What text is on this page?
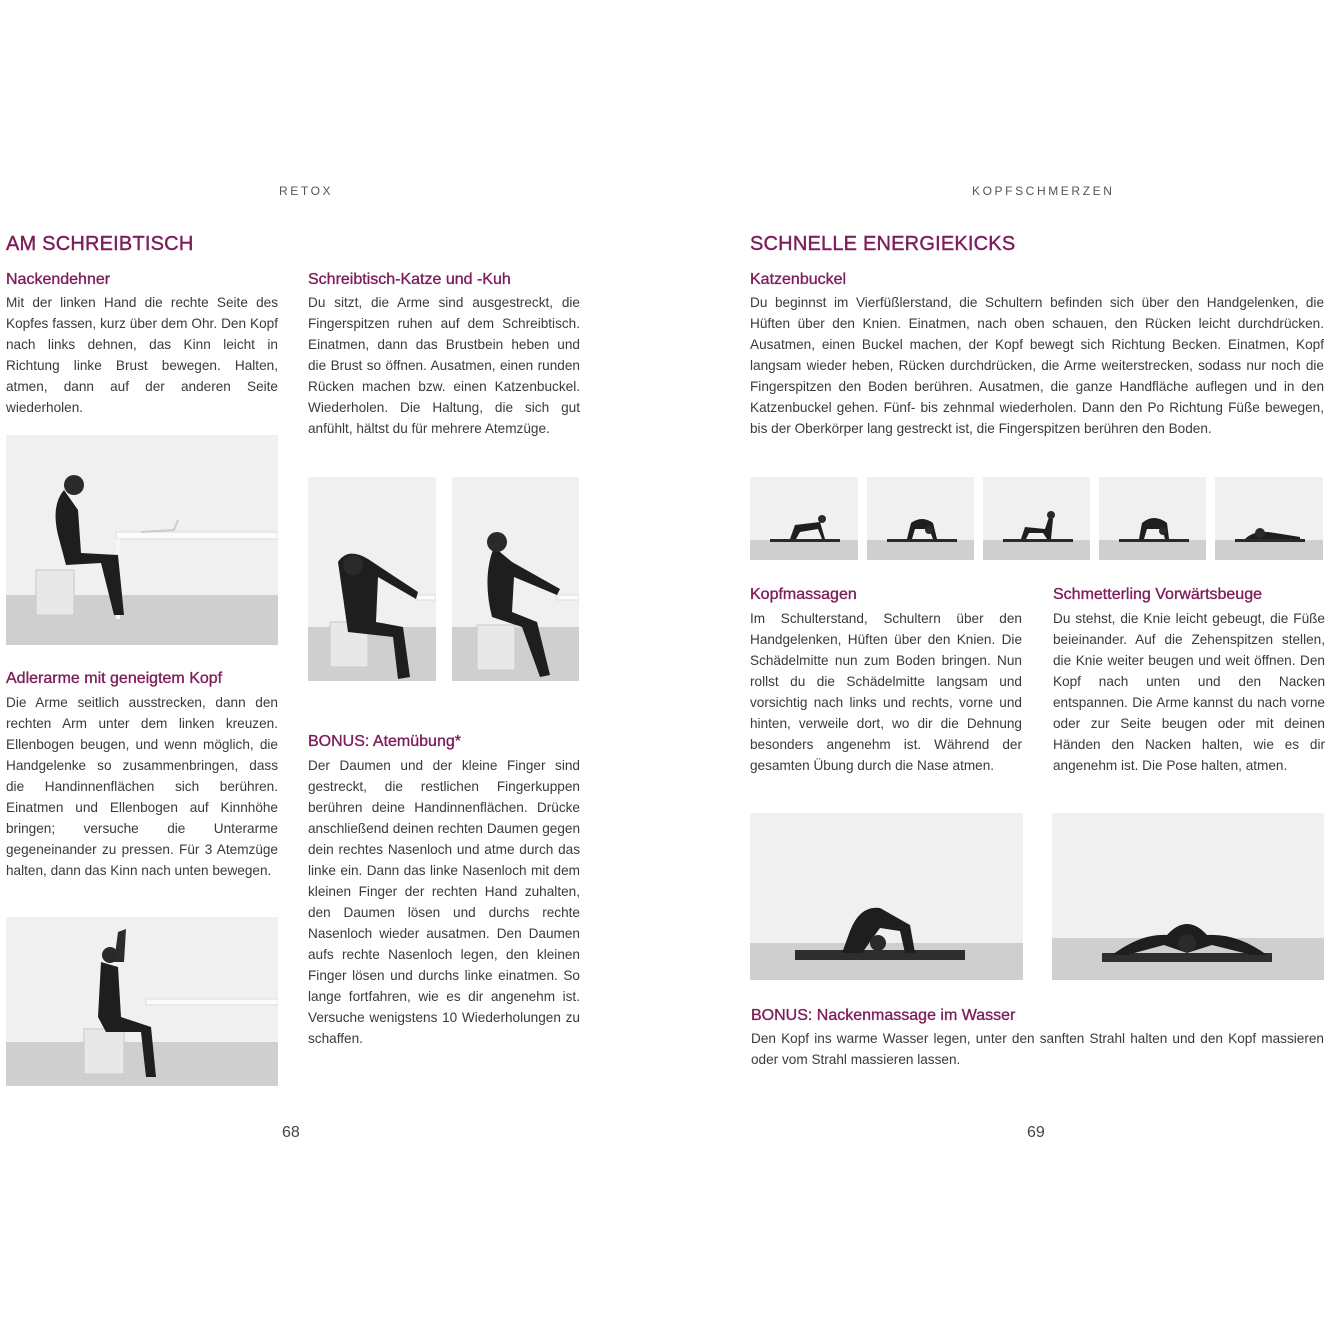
RETOX
AM SCHREIBTISCH
Nackendehner
Mit der linken Hand die rechte Seite des Kopfes fassen, kurz über dem Ohr. Den Kopf nach links dehnen, das Kinn leicht in Richtung linke Brust bewegen. Halten, atmen, dann auf der anderen Seite wiederholen.
Adlerarme mit geneigtem Kopf
Die Arme seitlich ausstrecken, dann den rechten Arm unter dem linken kreuzen. Ellenbogen beugen, und wenn möglich, die Handgelenke so zusammenbringen, dass die Handinnenflächen sich berühren. Einatmen und Ellenbogen auf Kinnhöhe bringen; versuche die Unterarme gegeneinander zu pressen. Für 3 Atemzüge halten, dann das Kinn nach unten bewegen.
Schreibtisch-Katze und -Kuh
Du sitzt, die Arme sind ausgestreckt, die Fingerspitzen ruhen auf dem Schreibtisch. Einatmen, dann das Brustbein heben und die Brust so öffnen. Ausatmen, einen runden Rücken machen bzw. einen Katzenbuckel. Wiederholen. Die Haltung, die sich gut anfühlt, hältst du für mehrere Atemzüge.
BONUS: Atemübung*
Der Daumen und der kleine Finger sind gestreckt, die restlichen Fingerkuppen berühren deine Handinnenflächen. Drücke anschließend deinen rechten Daumen gegen dein rechtes Nasenloch und atme durch das linke ein. Dann das linke Nasenloch mit dem kleinen Finger der rechten Hand zuhalten, den Daumen lösen und durchs rechte Nasenloch wieder ausatmen. Den Daumen aufs rechte Nasenloch legen, den kleinen Finger lösen und durchs linke einatmen. So lange fortfahren, wie es dir angenehm ist. Versuche wenigstens 10 Wiederholungen zu schaffen.
68
KOPFSCHMERZEN
SCHNELLE ENERGIEKICKS
Katzenbuckel
Du beginnst im Vierfüßlerstand, die Schultern befinden sich über den Handgelenken, die Hüften über den Knien. Einatmen, nach oben schauen, den Rücken leicht durchdrücken. Ausatmen, einen Buckel machen, der Kopf bewegt sich Richtung Becken. Einatmen, Kopf langsam wieder heben, Rücken durchdrücken, die Arme weiterstrecken, sodass nur noch die Fingerspitzen den Boden berühren. Ausatmen, die ganze Handfläche auflegen und in den Katzenbuckel gehen. Fünf- bis zehnmal wiederholen. Dann den Po Richtung Füße bewegen, bis der Oberkörper lang gestreckt ist, die Fingerspitzen berühren den Boden.
Kopfmassagen
Im Schulterstand, Schultern über den Handgelenken, Hüften über den Knien. Die Schädelmitte nun zum Boden bringen. Nun rollst du die Schädelmitte langsam und vorsichtig nach links und rechts, vorne und hinten, verweile dort, wo dir die Dehnung besonders angenehm ist. Während der gesamten Übung durch die Nase atmen.
Schmetterling Vorwärtsbeuge
Du stehst, die Knie leicht gebeugt, die Füße beieinander. Auf die Zehenspitzen stellen, die Knie weiter beugen und weit öffnen. Den Kopf nach unten und den Nacken entspannen. Die Arme kannst du nach vorne oder zur Seite beugen oder mit deinen Händen den Nacken halten, wie es dir angenehm ist. Die Pose halten, atmen.
BONUS: Nackenmassage im Wasser
Den Kopf ins warme Wasser legen, unter den sanften Strahl halten und den Kopf massieren oder vom Strahl massieren lassen.
69
